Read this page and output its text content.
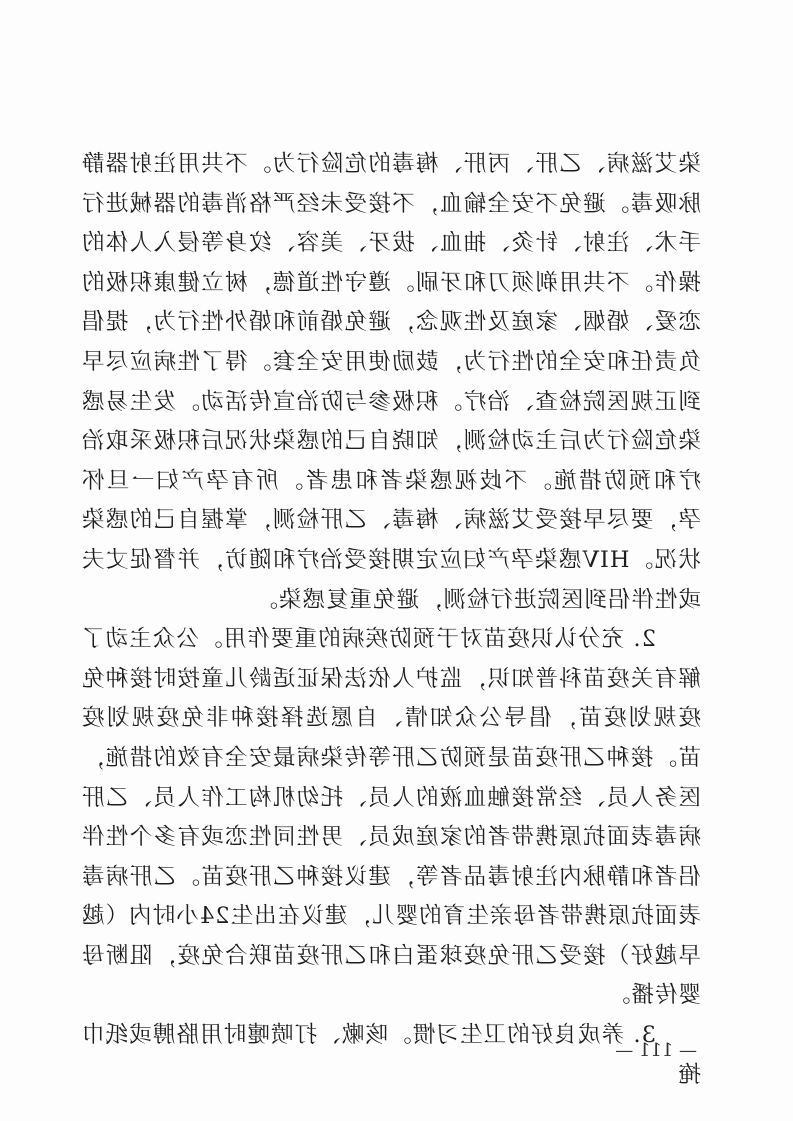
染艾滋病、乙肝、丙肝、梅毒的危险行为。不共用注射器静脉吸毒。避免不安全输血，不接受未经严格消毒的器械进行手术、注射、针灸、抽血、拔牙、美容、纹身等侵入人体的操作。不共用剃须刀和牙刷。遵守性道德，树立健康积极的恋爱、婚姻、家庭及性观念，避免婚前和婚外性行为，提倡负责任和安全的性行为，鼓励使用安全套。得了性病应尽早到正规医院检查、治疗。积极参与防治宣传活动。发生易感染危险行为后主动检测，知晓自己的感染状况后积极采取治疗和预防措施。不歧视感染者和患者。所有孕产妇一旦怀孕，要尽早接受艾滋病、梅毒、乙肝检测，掌握自己的感染状况。HIV感染孕产妇应定期接受治疗和随访，并督促丈夫或性伴侣到医院进行检测，避免重复感染。

2. 充分认识疫苗对于预防疾病的重要作用。公众主动了解有关疫苗科普知识，监护人依法保证适龄儿童按时接种免疫规划疫苗，倡导公众知情、自愿选择接种非免疫规划疫苗。接种乙肝疫苗是预防乙肝等传染病最安全有效的措施，医务人员、经常接触血液的人员、托幼机构工作人员、乙肝病毒表面抗原携带者的家庭成员、男性同性恋或有多个性伴侣者和静脉内注射毒品者等，建议接种乙肝疫苗。乙肝病毒表面抗原携带者母亲生育的婴儿，建议在出生24小时内（越早越好）接受乙肝免疫球蛋白和乙肝疫苗联合免疫，阻断母婴传播。

3. 养成良好的卫生习惯。咳嗽、打喷嚏时用胳膊或纸巾掩

— 111 —
